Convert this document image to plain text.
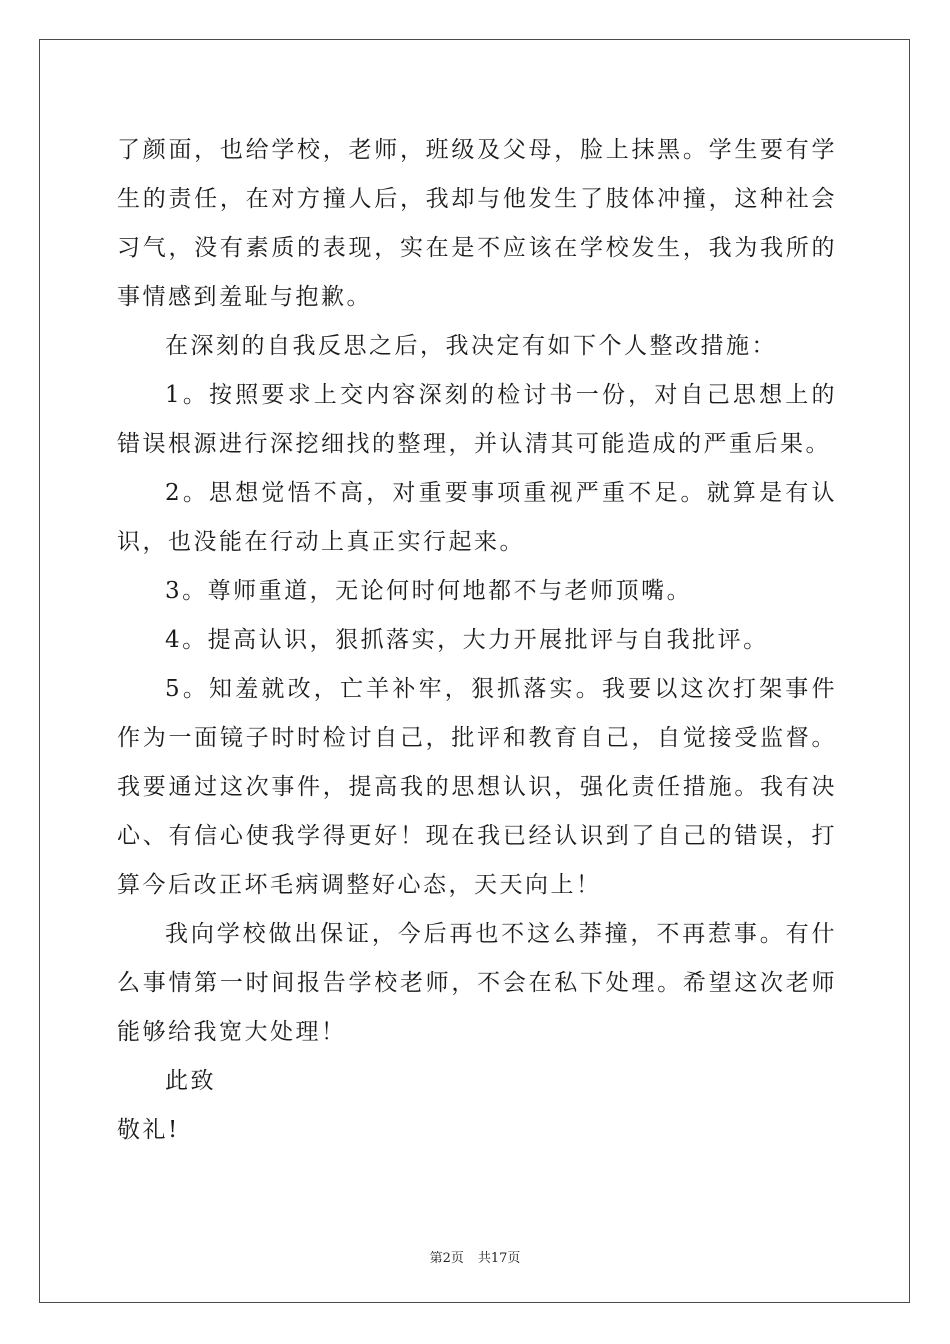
了颜面，也给学校，老师，班级及父母，脸上抹黑。学生要有学生的责任，在对方撞人后，我却与他发生了肢体冲撞，这种社会习气，没有素质的表现，实在是不应该在学校发生，我为我所的事情感到羞耻与抱歉。

在深刻的自我反思之后，我决定有如下个人整改措施：

1。按照要求上交内容深刻的检讨书一份，对自己思想上的错误根源进行深挖细找的整理，并认清其可能造成的严重后果。

2。思想觉悟不高，对重要事项重视严重不足。就算是有认识，也没能在行动上真正实行起来。

3。尊师重道，无论何时何地都不与老师顶嘴。

4。提高认识，狠抓落实，大力开展批评与自我批评。

5。知羞就改，亡羊补牢，狠抓落实。我要以这次打架事件作为一面镜子时时检讨自己，批评和教育自己，自觉接受监督。我要通过这次事件，提高我的思想认识，强化责任措施。我有决心、有信心使我学得更好！现在我已经认识到了自己的错误，打算今后改正坏毛病调整好心态，天天向上！

我向学校做出保证，今后再也不这么莽撞，不再惹事。有什么事情第一时间报告学校老师，不会在私下处理。希望这次老师能够给我宽大处理！

此致

敬礼!

第2页 共17页
